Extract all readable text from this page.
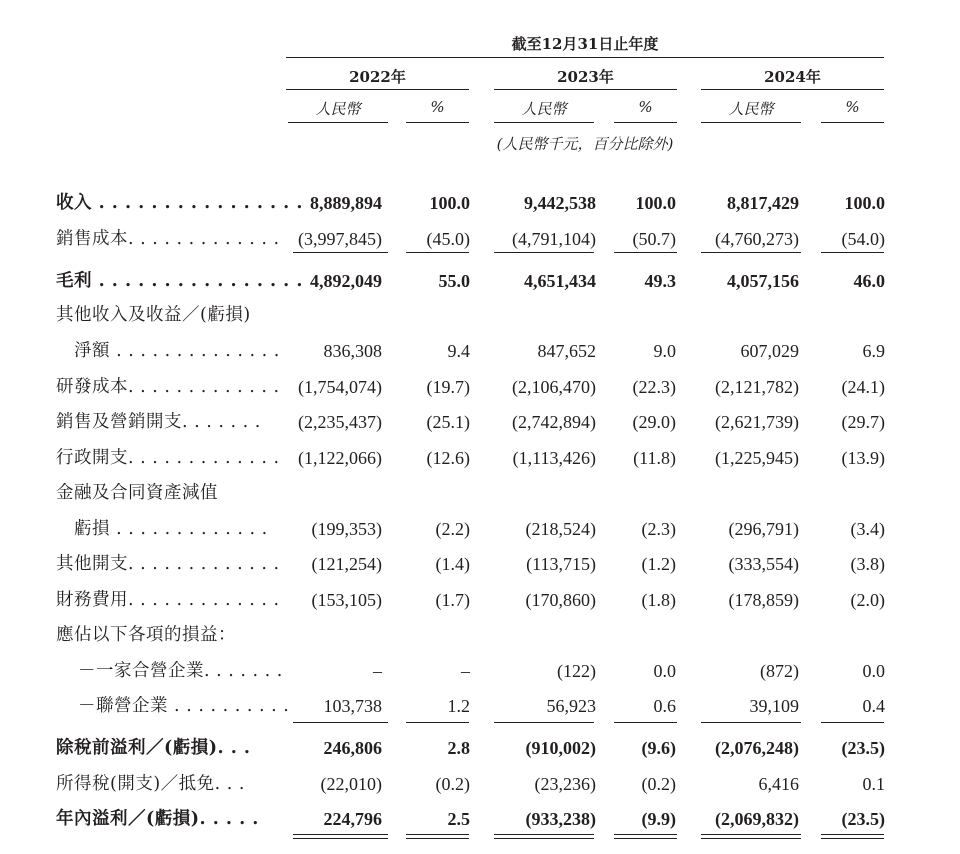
截至12月31日止年度
2022年	2023年	2024年
人民幣	%	人民幣	%	人民幣	%
(人民幣千元，百分比除外)
收入 . . . . . . . . . . . . . . . . 8,889,894	100.0	9,442,538 100.0	8,817,429	100.0
銷售成本. . . . . . . . . . . . . (3,997,845) (45.0) (4,791,104) (50.7) (4,760,273) (54.0)
毛利 . . . . . . . . . . . . . . . . 4,892,049	55.0	4,651,434	49.3	4,057,156	46.0
其他收入及收益／(虧損)
淨額 . . . . . . . . . . . . . . 836,308	9.4	847,652	9.0	607,029	6.9
研發成本. . . . . . . . . . . . . (1,754,074) (19.7) (2,106,470) (22.3) (2,121,782) (24.1)
銷售及營銷開支. . . . . . . (2,235,437) (25.1) (2,742,894) (29.0) (2,621,739) (29.7)
行政開支. . . . . . . . . . . . . (1,122,066) (12.6) (1,113,426) (11.8) (1,225,945) (13.9)
金融及合同資產減值
虧損 . . . . . . . . . . . . . (199,353)	(2.2)	(218,524)	(2.3)	(296,791)	(3.4)
其他開支. . . . . . . . . . . . . (121,254)	(1.4)	(113,715)	(1.2)	(333,554)	(3.8)
財務費用. . . . . . . . . . . . . (153,105)	(1.7)	(170,860)	(1.8)	(178,859)	(2.0)
應佔以下各項的損益：
－一家合營企業. . . . . . .	–	–	(122)	0.0	(872)	0.0
－聯營企業 . . . . . . . . . . 103,738	1.2	56,923	0.6	39,109	0.4
除稅前溢利／(虧損). . .	246,806	2.8	(910,002)	(9.6) (2,076,248) (23.5)
所得稅(開支)／抵免. . .	(22,010)	(0.2)	(23,236)	(0.2)	6,416	0.1
年內溢利／(虧損). . . . .	224,796	2.5	(933,238)	(9.9) (2,069,832) (23.5)
